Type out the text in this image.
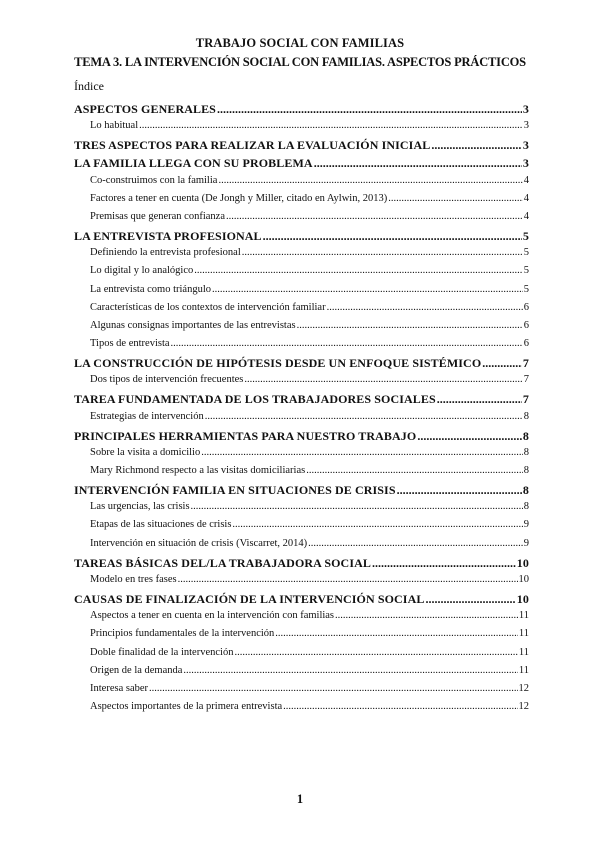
TRABAJO SOCIAL CON FAMILIAS
TEMA 3. LA INTERVENCIÓN SOCIAL CON FAMILIAS. ASPECTOS PRÁCTICOS
Índice
ASPECTOS GENERALES .....	3
Lo habitual .....	3
TRES ASPECTOS PARA REALIZAR LA EVALUACIÓN INICIAL .....	3
LA FAMILIA LLEGA CON SU PROBLEMA .....	3
Co-construimos con la familia .....	4
Factores a tener en cuenta (De Jongh y Miller, citado en Aylwin, 2013) .....	4
Premisas que generan confianza .....	4
LA ENTREVISTA PROFESIONAL .....	5
Definiendo la entrevista profesional .....	5
Lo digital y lo analógico .....	5
La entrevista como triángulo .....	5
Características de los contextos de intervención familiar .....	6
Algunas consignas importantes de las entrevistas .....	6
Tipos de entrevista .....	6
LA CONSTRUCCIÓN DE HIPÓTESIS DESDE UN ENFOQUE SISTÉMICO .....	7
Dos tipos de intervención frecuentes .....	7
TAREA FUNDAMENTADA DE LOS TRABAJADORES SOCIALES .....	7
Estrategias de intervención .....	8
PRINCIPALES HERRAMIENTAS PARA NUESTRO TRABAJO .....	8
Sobre la visita a domicilio .....	8
Mary Richmond respecto a las visitas domiciliarias .....	8
INTERVENCIÓN FAMILIA EN SITUACIONES DE CRISIS .....	8
Las urgencias, las crisis .....	8
Etapas de las situaciones de crisis .....	9
Intervención en situación de crisis (Viscarret, 2014) .....	9
TAREAS BÁSICAS DEL/LA TRABAJADORA SOCIAL .....	10
Modelo en tres fases .....	10
CAUSAS DE FINALIZACIÓN DE LA INTERVENCIÓN SOCIAL .....	10
Aspectos a tener en cuenta en la intervención con familias .....	11
Principios fundamentales de la intervención .....	11
Doble finalidad de la intervención .....	11
Origen de la demanda .....	11
Interesa saber .....	12
Aspectos importantes de la primera entrevista .....	12
1
